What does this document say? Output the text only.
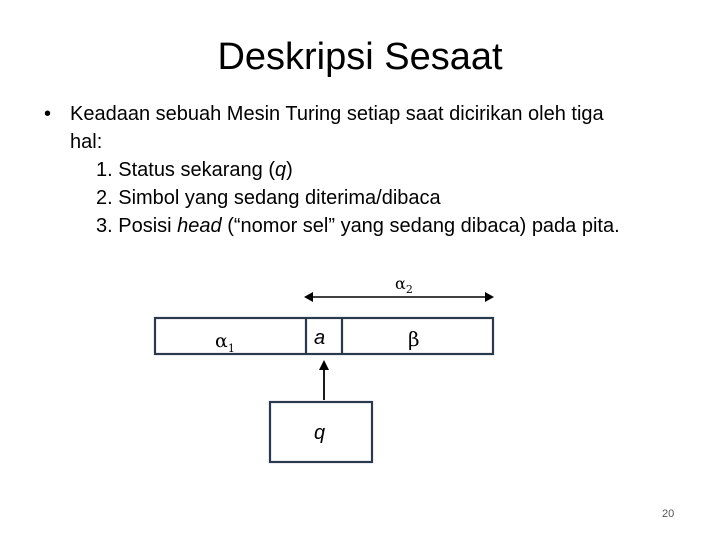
Deskripsi Sesaat
• Keadaan sebuah Mesin Turing setiap saat dicirikan oleh tiga
hal:
1. Status sekarang (q)
2. Simbol yang sedang diterima/dibaca
3. Posisi head (“nomor sel” yang sedang dibaca) pada pita.
$\alpha_2$
$\alpha_1$	a	β
q
20
